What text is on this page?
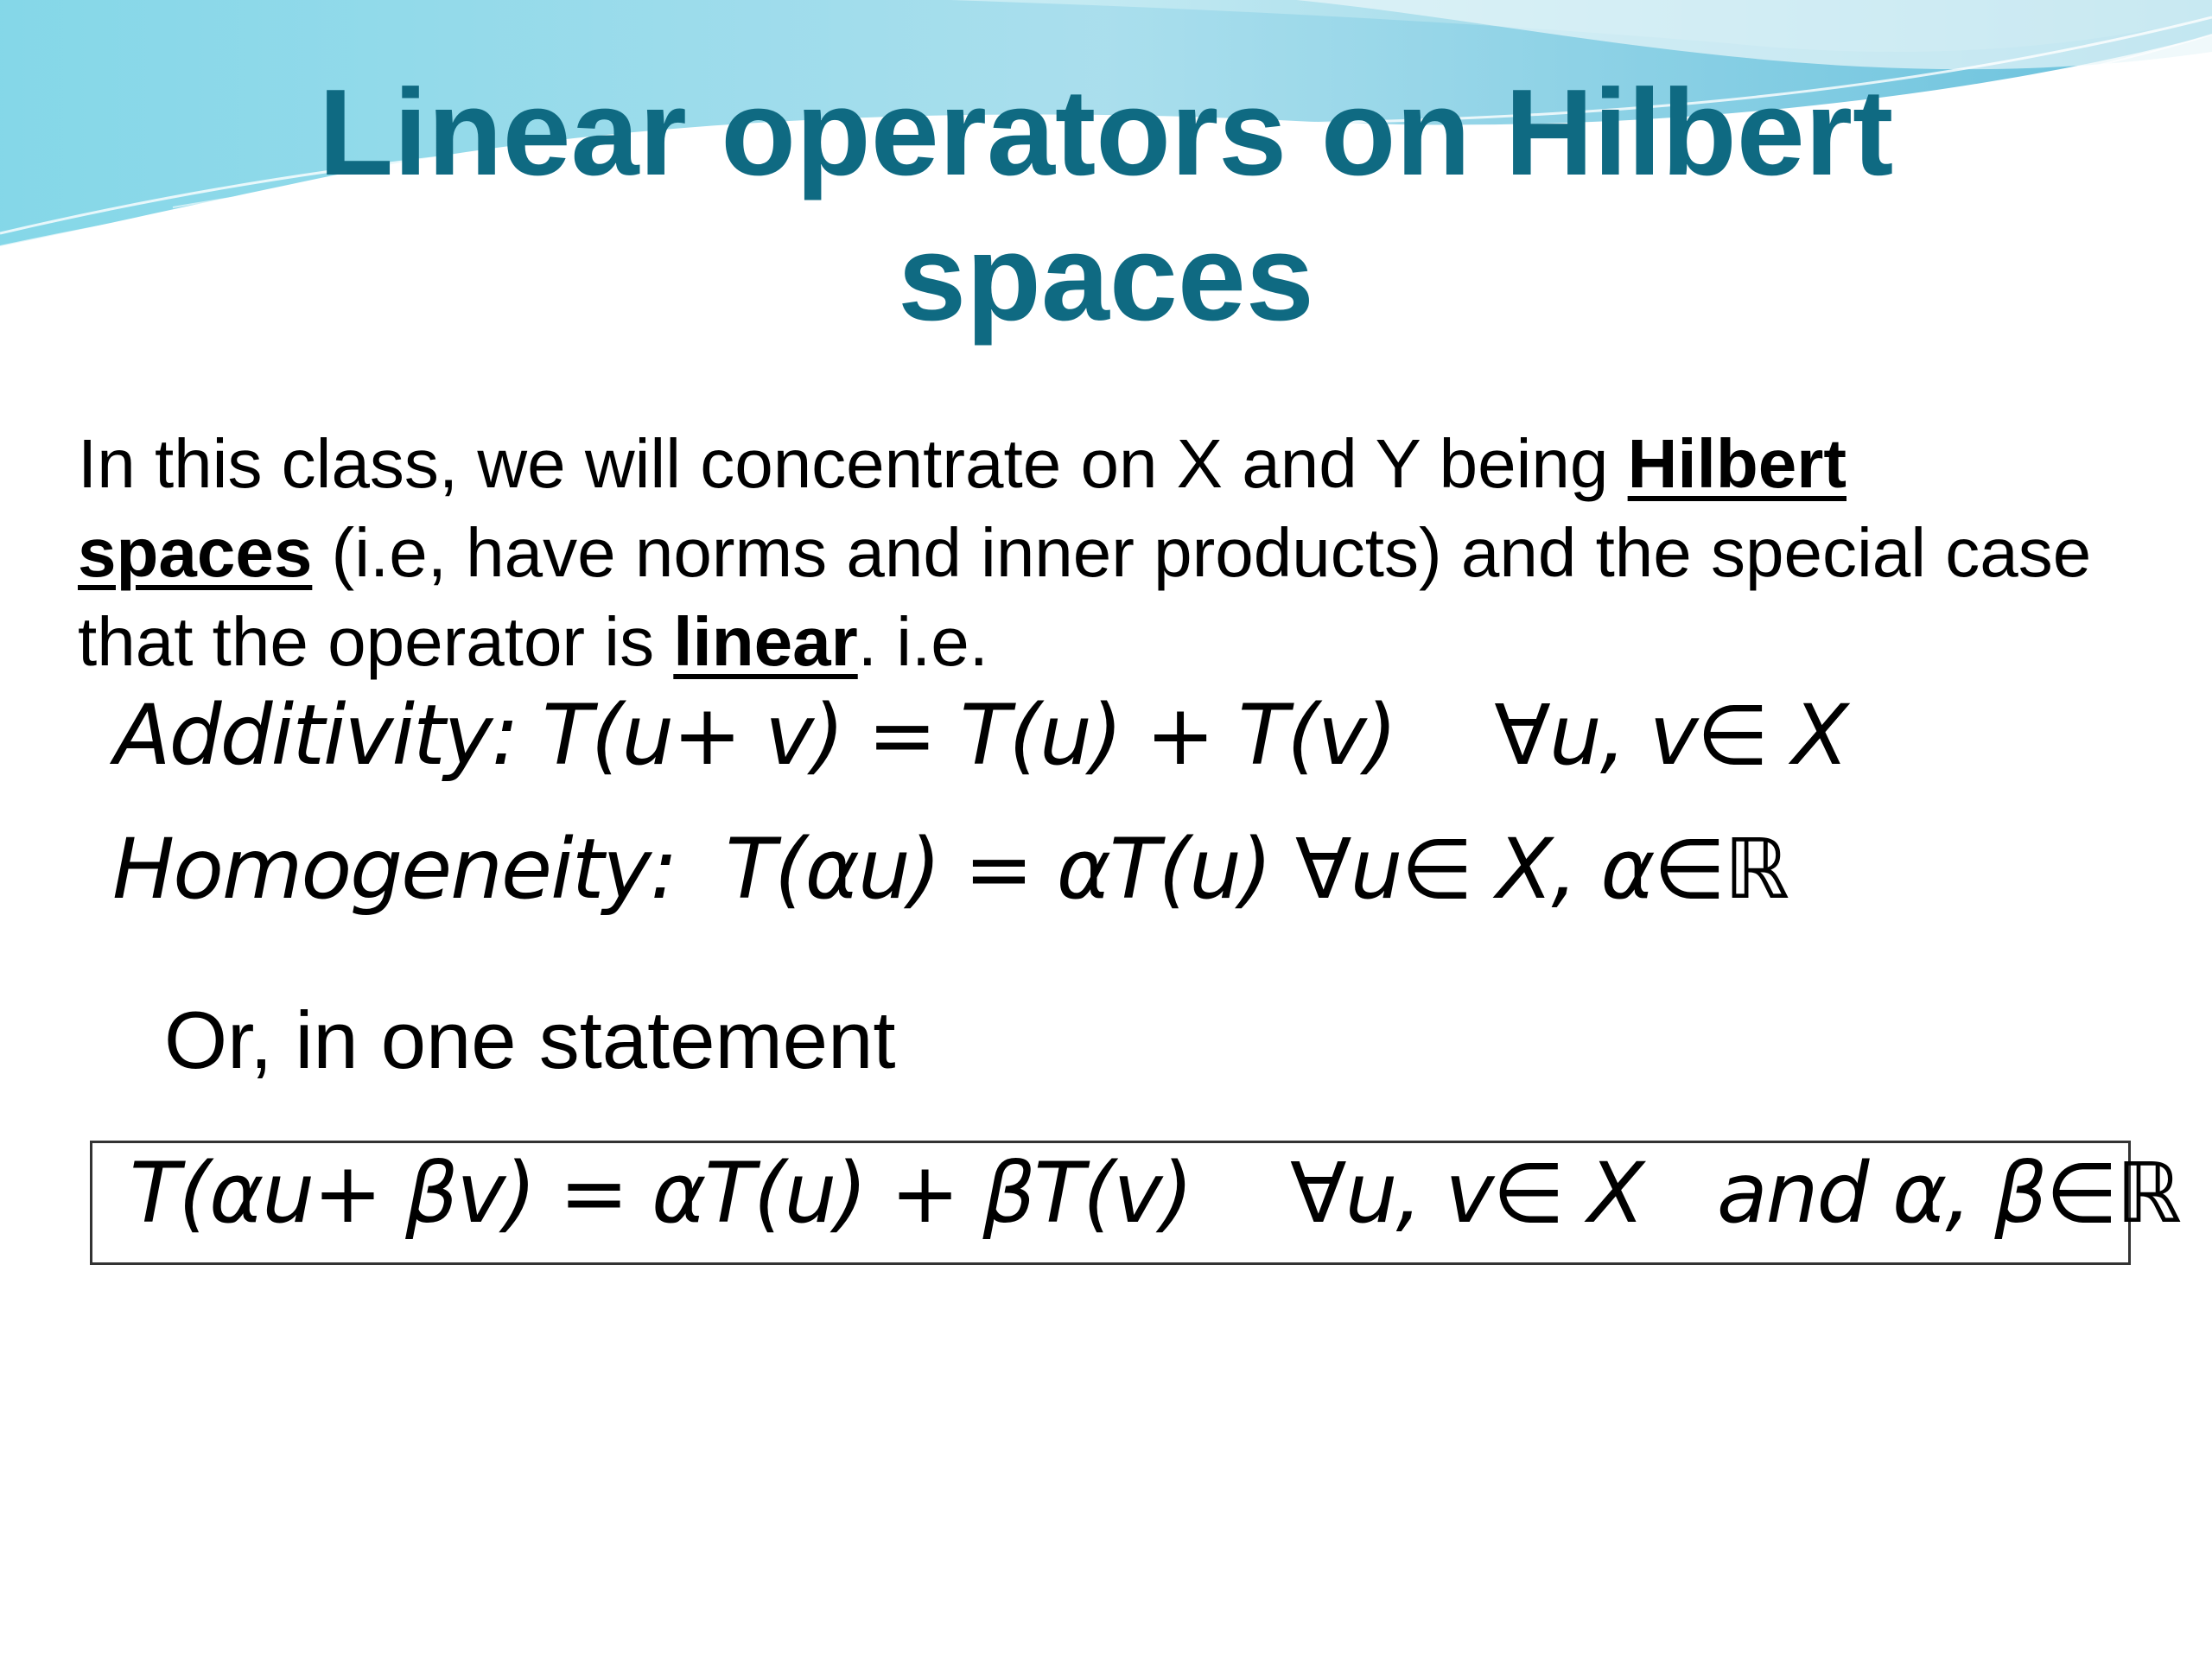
Linear operators on Hilbert
spaces
In this class, we will concentrate on X and Y being Hilbert
spaces (i.e, have norms and inner products) and the special case that the operator is linear. i.e.
Additivity: T(u+ v) = T(u) + T(v)    ∀u, v∈ X
Homogeneity:  T(αu) = αT(u) ∀u∈ X, α∈ℝ
Or, in one statement
T(αu+ βv) = αT(u) + βT(v)    ∀u, v∈ X   and α, β∈ℝ
